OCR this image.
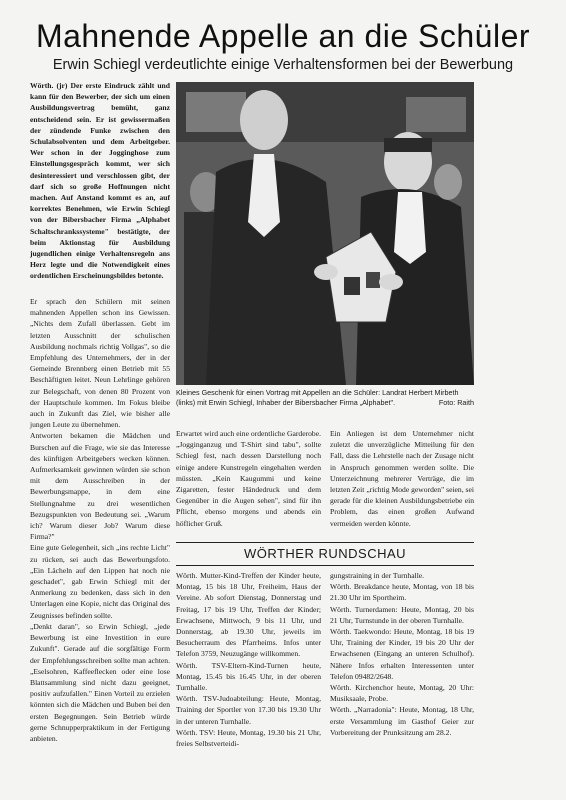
Mahnende Appelle an die Schüler
Erwin Schiegl verdeutlichte einige Verhaltensformen bei der Bewerbung
Wörth. (jr) Der erste Eindruck zählt und kann für den Bewerber, der sich um einen Ausbildungsvertrag bemüht, ganz entscheidend sein. Er ist gewissermaßen der zündende Funke zwischen den Schulabsolventen und dem Arbeitgeber. Wer schon in der Jogginghose zum Einstellungsgespräch kommt, wer sich desinteressiert und verschlossen gibt, der darf sich so große Hoffnungen nicht machen. Auf Anstand kommt es an, auf korrektes Benehmen, wie Erwin Schiegl von der Bibersbacher Firma „Alphabet Schaltschrankssysteme" bestätigte, der beim Aktionstag für Ausbildung jugendlichen einige Verhaltensregeln ans Herz legte und die Notwendigkeit eines ordentlichen Erscheinungsbildes betonte.
Er sprach den Schülern mit seinen mahnenden Appellen schon ins Gewissen. „Nichts dem Zufall überlassen. Gebt im letzten Ausschnitt der schulischen Ausbildung nochmals richtig Vollgas", so die Empfehlung des Unternehmers, der in der Gemeinde Brennberg einen Betrieb mit 55 Beschäftigten leitet. Neun Lehrlinge gehören zur Belegschaft, von denen 80 Prozent von der Hauptschule kommen. Im Fokus bleibe auch in Zukunft das Ziel, wie bisher alle jungen Leute zu übernehmen.
Antworten bekamen die Mädchen und Burschen auf die Frage, wie sie das Interesse des künftigen Arbeitgebers wecken können. Aufmerksamkeit gewinnen würden sie schon mit dem Ausschreiben in der Bewerbungsmappe, in dem eine Stellungnahme zu drei wesentlichen Bezugspunkten von Bedeutung sei. „Warum ich? Warum dieser Job? Warum diese Firma?"
Eine gute Gelegenheit, sich „ins rechte Licht" zu rücken, sei auch das Bewerbungsfoto. „Ein Lächeln auf den Lippen hat noch nie geschadet", gab Erwin Schiegl mit der Anmerkung zu bedenken, dass sich in den Unterlagen eine Kopie, nicht das Original des Zeugnisses befinden sollte.
„Denkt daran", so Erwin Schiegl, „jede Bewerbung ist eine Investition in eure Zukunft". Gerade auf die sorgfältige Form der Empfehlungsschreiben sollte man achten. „Eselsohren, Kaffeeflecken oder eine lose Blattsammlung sind nicht dazu geeignet, positiv aufzufallen." Einen Vorteil zu erzielen könnten sich die Mädchen und Buben bei den ersten Begegnungen. Sein Betrieb würde gerne Schnupperpraktikum in der Fertigung anbieten.
Kleines Geschenk für einen Vortrag mit Appellen an die Schüler: Landrat Herbert Mirbeth (links) mit Erwin Schiegl, Inhaber der Bibersbacher Firma „Alphabet".	Foto: Raith
Erwartet wird auch eine ordentliche Garderobe. „Jogginganzug und T-Shirt sind tabu", sollte Schiegl fest, nach dessen Darstellung noch einige andere Kunstregeln eingehalten werden müssten. „Kein Kaugummi und keine Zigaretten, fester Händedruck und dem Gegenüber in die Augen sehen", sind für ihn Pflicht, ebenso morgens und abends ein höflicher Gruß.
Ein Anliegen ist dem Unternehmer nicht zuletzt die unverzügliche Mitteilung für den Fall, dass die Lehrstelle nach der Zusage nicht in Anspruch genommen werden sollte. Die Unterzeichnung mehrerer Verträge, die im letzten Zeit „richtig Mode geworden" seien, sei gerade für die kleinen Ausbildungsbetriebe ein Problem, das einen großen Aufwand vermeiden werden könnte.
WÖRTHER RUNDSCHAU
Wörth. Mutter-Kind-Treffen der Kinder heute, Montag, 15 bis 18 Uhr, Freiheim, Haus der Vereine. Ab sofort Dienstag, Donnerstag und Freitag, 17 bis 19 Uhr, Treffen der Kinder; Erwachsene, Mittwoch, 9 bis 11 Uhr, und Donnerstag, ab 19.30 Uhr, jeweils im Besucherraum des Pfarrheims. Infos unter Telefon 3759, Neuzugänge willkommen.
Wörth. TSV-Eltern-Kind-Turnen heute, Montag, 15.45 bis 16.45 Uhr, in der oberen Turnhalle.
Wörth. TSV-Judoabteilung: Heute, Montag, Training der Sportler von 17.30 bis 19.30 Uhr in der unteren Turnhalle.
Wörth. TSV: Heute, Montag, 19.30 bis 21 Uhr, freies Selbstverteidi-
gungstraining in der Turnhalle.
Wörth. Breakdance heute, Montag, von 18 bis 21.30 Uhr im Sportheim.
Wörth. Turnerdamen: Heute, Montag, 20 bis 21 Uhr, Turnstunde in der oberen Turnhalle.
Wörth. Taekwondo: Heute, Montag, 18 bis 19 Uhr, Training der Kinder, 19 bis 20 Uhr der Erwachsenen (Eingang an unteren Schulhof). Nähere Infos erhalten Interessenten unter Telefon 09482/2648.
Wörth. Kirchenchor heute, Montag, 20 Uhr: Musiksaale, Probe.
Wörth. „Narradonia": Heute, Montag, 18 Uhr, erste Versammlung im Gasthof Geier zur Vorbereitung der Prunksitzung am 28.2.
